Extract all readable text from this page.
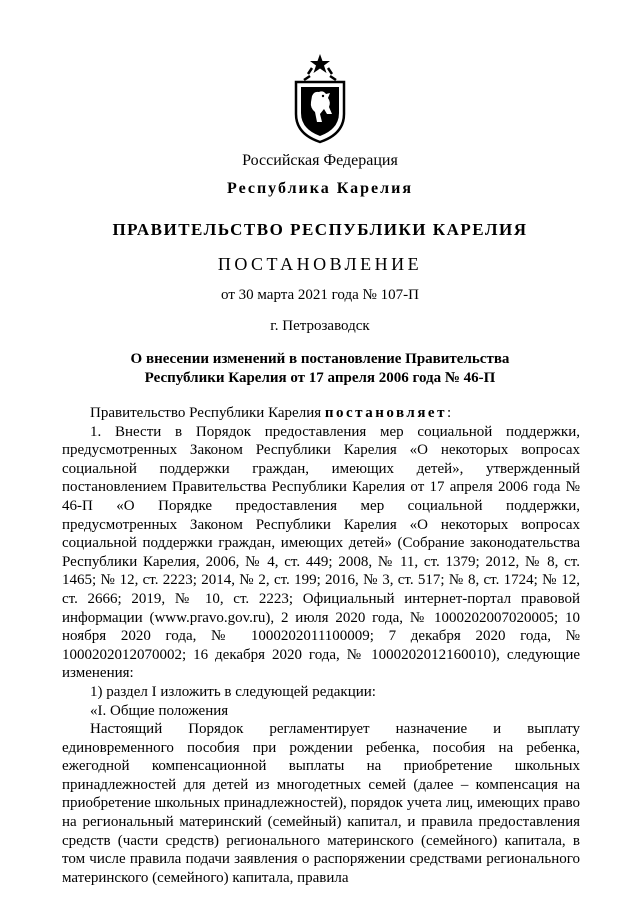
Российская Федерация
Республика Карелия
ПРАВИТЕЛЬСТВО РЕСПУБЛИКИ КАРЕЛИЯ
ПОСТАНОВЛЕНИЕ
от 30 марта 2021 года № 107-П
г. Петрозаводск
О внесении изменений в постановление Правительства
Республики Карелия от 17 апреля 2006 года № 46-П

Правительство Республики Карелия постановляет:

1. Внести в Порядок предоставления мер социальной поддержки, предусмотренных Законом Республики Карелия «О некоторых вопросах социальной поддержки граждан, имеющих детей», утвержденный постановлением Правительства Республики Карелия от 17 апреля 2006 года № 46-П «О Порядке предоставления мер социальной поддержки, предусмотренных Законом Республики Карелия «О некоторых вопросах социальной поддержки граждан, имеющих детей» (Собрание законодательства Республики Карелия, 2006, № 4, ст. 449; 2008, № 11, ст. 1379; 2012, № 8, ст. 1465; № 12, ст. 2223; 2014, № 2, ст. 199; 2016, № 3, ст. 517; № 8, ст. 1724; № 12, ст. 2666; 2019, № 10, ст. 2223; Официальный интернет-портал правовой информации (www.pravo.gov.ru), 2 июля 2020 года, № 1000202007020005; 10 ноября 2020 года, № 1000202011100009; 7 декабря 2020 года, № 1000202012070002; 16 декабря 2020 года, № 1000202012160010), следующие изменения:

1) раздел I изложить в следующей редакции:

«I. Общие положения

Настоящий Порядок регламентирует назначение и выплату единовременного пособия при рождении ребенка, пособия на ребенка, ежегодной компенсационной выплаты на приобретение школьных принадлежностей для детей из многодетных семей (далее – компенсация на приобретение школьных принадлежностей), порядок учета лиц, имеющих право на региональный материнский (семейный) капитал, и правила предоставления средств (части средств) регионального материнского (семейного) капитала, в том числе правила подачи заявления о распоряжении средствами регионального материнского (семейного) капитала, правила
